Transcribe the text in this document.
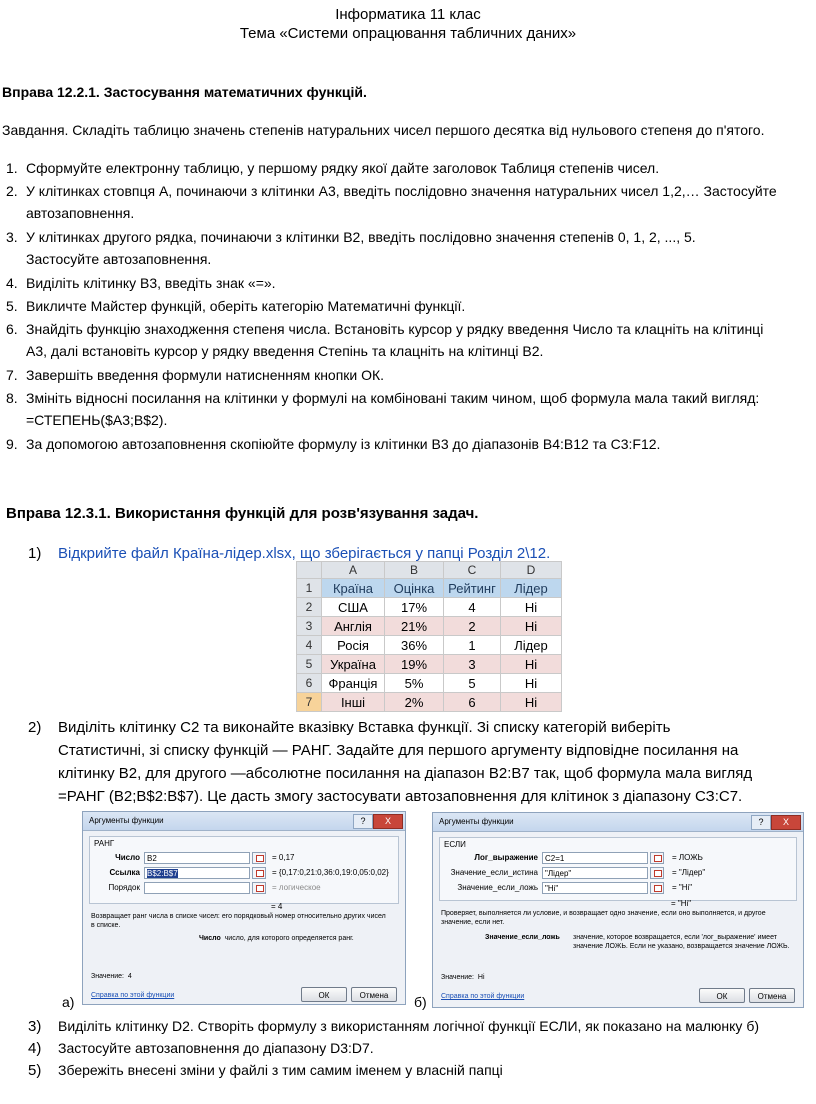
Інформатика 11 клас
Тема «Системи опрацювання табличних даних»
Вправа 12.2.1. Застосування математичних функцій.
Завдання. Складіть таблицю значень степенів натуральних чисел першого десятка від нульового степеня до п'ятого.
1. Сформуйте електронну таблицю, у першому рядку якої дайте заголовок Таблиця степенів чисел.
2. У клітинках стовпця А, починаючи з клітинки А3, введіть послідовно значення натуральних чисел 1,2,… Застосуйте
автозаповнення.
3. У клітинках другого рядка, починаючи з клітинки В2, введіть послідовно значення степенів 0, 1, 2, ..., 5.
Застосуйте автозаповнення.
4. Виділіть клітинку В3, введіть знак «=».
5. Викличте Майстер функцій, оберіть категорію Математичні функції.
6. Знайдіть функцію знаходження степеня числа. Встановіть курсор у рядку введення Число та клацніть на клітинці
А3, далі встановіть курсор у рядку введення Степінь та клацніть на клітинці В2.
7. Завершіть введення формули натисненням кнопки ОК.
8. Змініть відносні посилання на клітинки у формулі на комбіновані таким чином, щоб формула мала такий вигляд:
=СТЕПЕНЬ($A3;B$2).
9. За допомогою автозаповнення скопіюйте формулу із клітинки В3 до діапазонів В4:В12 та С3:F12.
Вправа 12.3.1. Використання функцій для розв'язування задач.
1) Відкрийте файл Країна-лідер.xlsx, що зберігається у папці Розділ 2\12.
	A	B	C	D
1	Країна	Оцінка	Рейтинг	Лідер
2	США	17%	4	Ні
3	Англія	21%	2	Ні
4	Росія	36%	1	Лідер
5	Україна	19%	3	Ні
6	Франція	5%	5	Ні
7	Інші	2%	6	Ні
2) Виділіть клітинку С2 та виконайте вказівку Вставка функції. Зі списку категорій виберіть
Статистичні, зі списку функцій — РАНГ. Задайте для першого аргументу відповідне посилання на
клітинку В2, для другого —абсолютне посилання на діапазон В2:В7 так, щоб формула мала вигляд
=РАНГ (В2;В$2:В$7). Це дасть змогу застосувати автозаповнення для клітинок з діапазону СЗ:С7.
Аргументы функции	?	X
РАНГ
Число B2	= 0,17
Ссылка B$2:B$7	= {0,17:0,21:0,36:0,19:0,05:0,02}
Порядок	= логическое
= 4
Возвращает ранг числа в списке чисел: его порядковый номер относительно других чисел в списке.
Число число, для которого определяется ранг.
Значение: 4
Справка по этой функции	ОК	Отмена
а)
Аргументы функции	?	X
ЕСЛИ
Лог_выражение C2=1	= ЛОЖЬ
Значение_если_истина "Лідер"	= "Лідер"
Значение_если_ложь "Ні"	= "Ні"
= "Ні"
Проверяет, выполняется ли условие, и возвращает одно значение, если оно выполняется, и другое значение, если нет.
Значение_если_ложь значение, которое возвращается, если 'лог_выражение' имеет
значение ЛОЖЬ. Если не указано, возвращается значение ЛОЖЬ.
Значение: Ні
Справка по этой функции	ОК	Отмена
б)
3) Виділіть клітинку D2. Створіть формулу з використанням логічної функції ЕСЛИ, як показано на малюнку б)
4) Застосуйте автозаповнення до діапазону D3:D7.
5) Збережіть внесені зміни у файлі з тим самим іменем у власній папці
